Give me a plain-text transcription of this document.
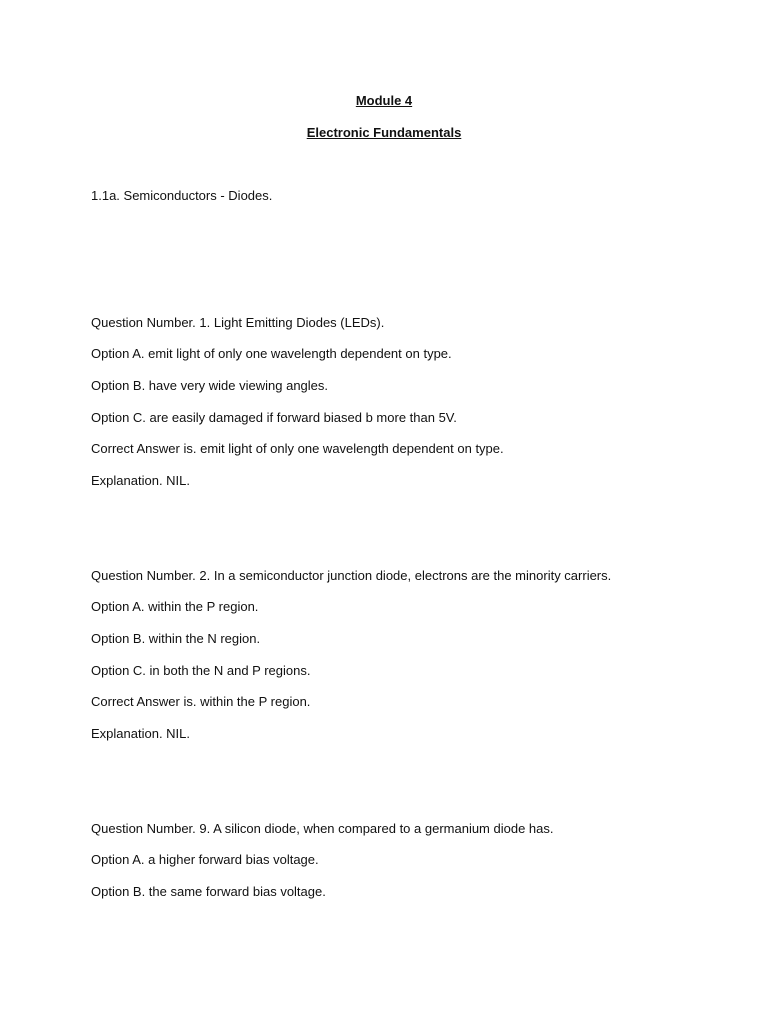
Module 4
Electronic Fundamentals
1.1a. Semiconductors - Diodes.
Question Number. 1. Light Emitting Diodes (LEDs).
Option A. emit light of only one wavelength dependent on type.
Option B. have very wide viewing angles.
Option C. are easily damaged if forward biased b more than 5V.
Correct Answer is. emit light of only one wavelength dependent on type.
Explanation. NIL.
Question Number. 2. In a semiconductor junction diode, electrons are the minority carriers.
Option A. within the P region.
Option B. within the N region.
Option C. in both the N and P regions.
Correct Answer is. within the P region.
Explanation. NIL.
Question Number. 9. A silicon diode, when compared to a germanium diode has.
Option A. a higher forward bias voltage.
Option B. the same forward bias voltage.
